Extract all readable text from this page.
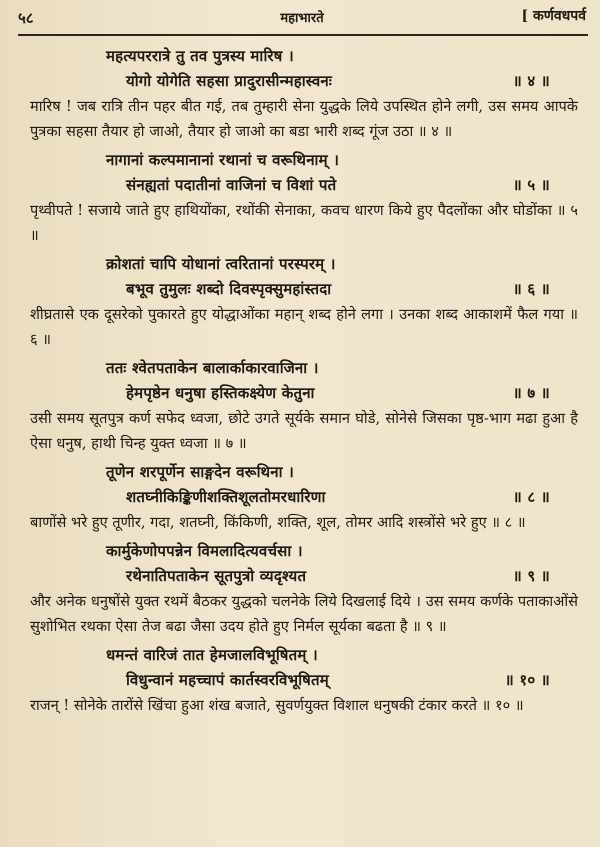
५८	महाभारते	[ कर्णवधपर्व
महत्यपररात्रे तु तव पुत्रस्य मारिष ।
योगो योगेति सहसा प्रादुरासीन्महास्वनः	॥ ४ ॥
मारिष ! जब रात्रि तीन पहर बीत गई, तब तुम्हारी सेना युद्धके लिये उपस्थित होने लगी, उस समय आपके पुत्रका सहसा तैयार हो जाओ, तैयार हो जाओ का बडा भारी शब्द गूंज उठा ॥ ४ ॥
नागानां कल्पमानानां रथानां च वरूथिनाम् ।
संनह्यतां पदातीनां वाजिनां च विशां पते	॥ ५ ॥
पृथ्वीपते ! सजाये जाते हुए हाथियोंका, रथोंकी सेनाका, कवच धारण किये हुए पैदलोंका और घोडोंका ॥ ५ ॥
क्रोशतां चापि योधानां त्वरितानां परस्परम् ।
बभूव तुमुलः शब्दो दिवस्पृक्सुमहांस्तदा	॥ ६ ॥
शीघ्रतासे एक दूसरेको पुकारते हुए योद्धाओंका महान् शब्द होने लगा । उनका शब्द आकाशमें फैल गया ॥ ६ ॥
ततः श्वेतपताकेन बालार्काकारवाजिना ।
हेमपृष्ठेन धनुषा हस्तिकक्ष्येण केतुना	॥ ७ ॥
उसी समय सूतपुत्र कर्ण सफेद ध्वजा, छोटे उगते सूर्यके समान घोडे, सोनेसे जिसका पृष्ठ-भाग मढा हुआ है ऐसा धनुष, हाथी चिन्ह युक्त ध्वजा ॥ ७ ॥
तूणेन शरपूर्णेन साङ्गदेन वरूथिना ।
शतघ्नीकिङ्किणीशक्तिशूलतोमरधारिणा	॥ ८ ॥
बाणोंसे भरे हुए तूणीर, गदा, शतघ्नी, किंकिणी, शक्ति, शूल, तोमर आदि शस्त्रोंसे भरे हुए ॥ ८ ॥
कार्मुकेणोपपन्नेन विमलादित्यवर्चसा ।
रथेनातिपताकेन सूतपुत्रो व्यदृश्यत	॥ ९ ॥
और अनेक धनुषोंसे युक्त रथमें बैठकर युद्धको चलनेके लिये दिखलाई दिये । उस समय कर्णके पताकाओंसे सुशोभित रथका ऐसा तेज बढा जैसा उदय होते हुए निर्मल सूर्यका बढता है ॥ ९ ॥
धमन्तं वारिजं तात हेमजालविभूषितम् ।
विधुन्वानं महच्चापं कार्तस्वरविभूषितम्	॥ १० ॥
राजन् ! सोनेके तारोंसे खिंचा हुआ शंख बजाते, सुवर्णयुक्त विशाल धनुषकी टंकार करते ॥ १० ॥
